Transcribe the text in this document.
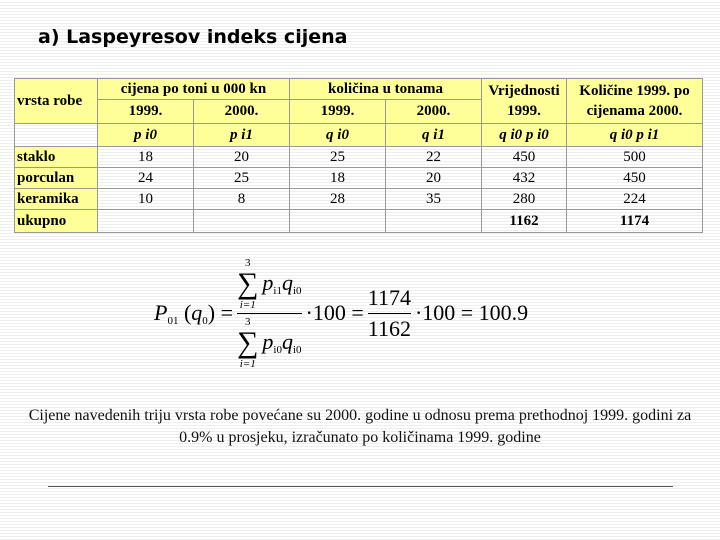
a) Laspeyresov indeks cijena
vrsta robe	cijena po toni u 000 kn		količina u tonama		Vrijednosti 1999.	Količine 1999. po cijenama 2000.
	1999.	2000.	1999.	2000.		
	p i0	p i1	q i0	q i1	q i0 p i0	q i0 p i1
staklo	18	20	25	22	450	500
porculan	24	25	18	20	432	450
keramika	10	8	28	35	280	224
ukupno					1162	1174
$P_{01}$ $(q_0) = 3$
∑
i=1
$p_{i1}q_{i0}$
3
∑
i=1
$p_{i0}q_{i0} \cdot 100 = \frac{1174}{1162} \cdot 100 = 100.9$
Cijene navedenih triju vrsta robe povećane su 2000. godine u odnosu prema prethodnoj 1999. godini za 0.9% u prosjeku, izračunato po količinama 1999. godine
